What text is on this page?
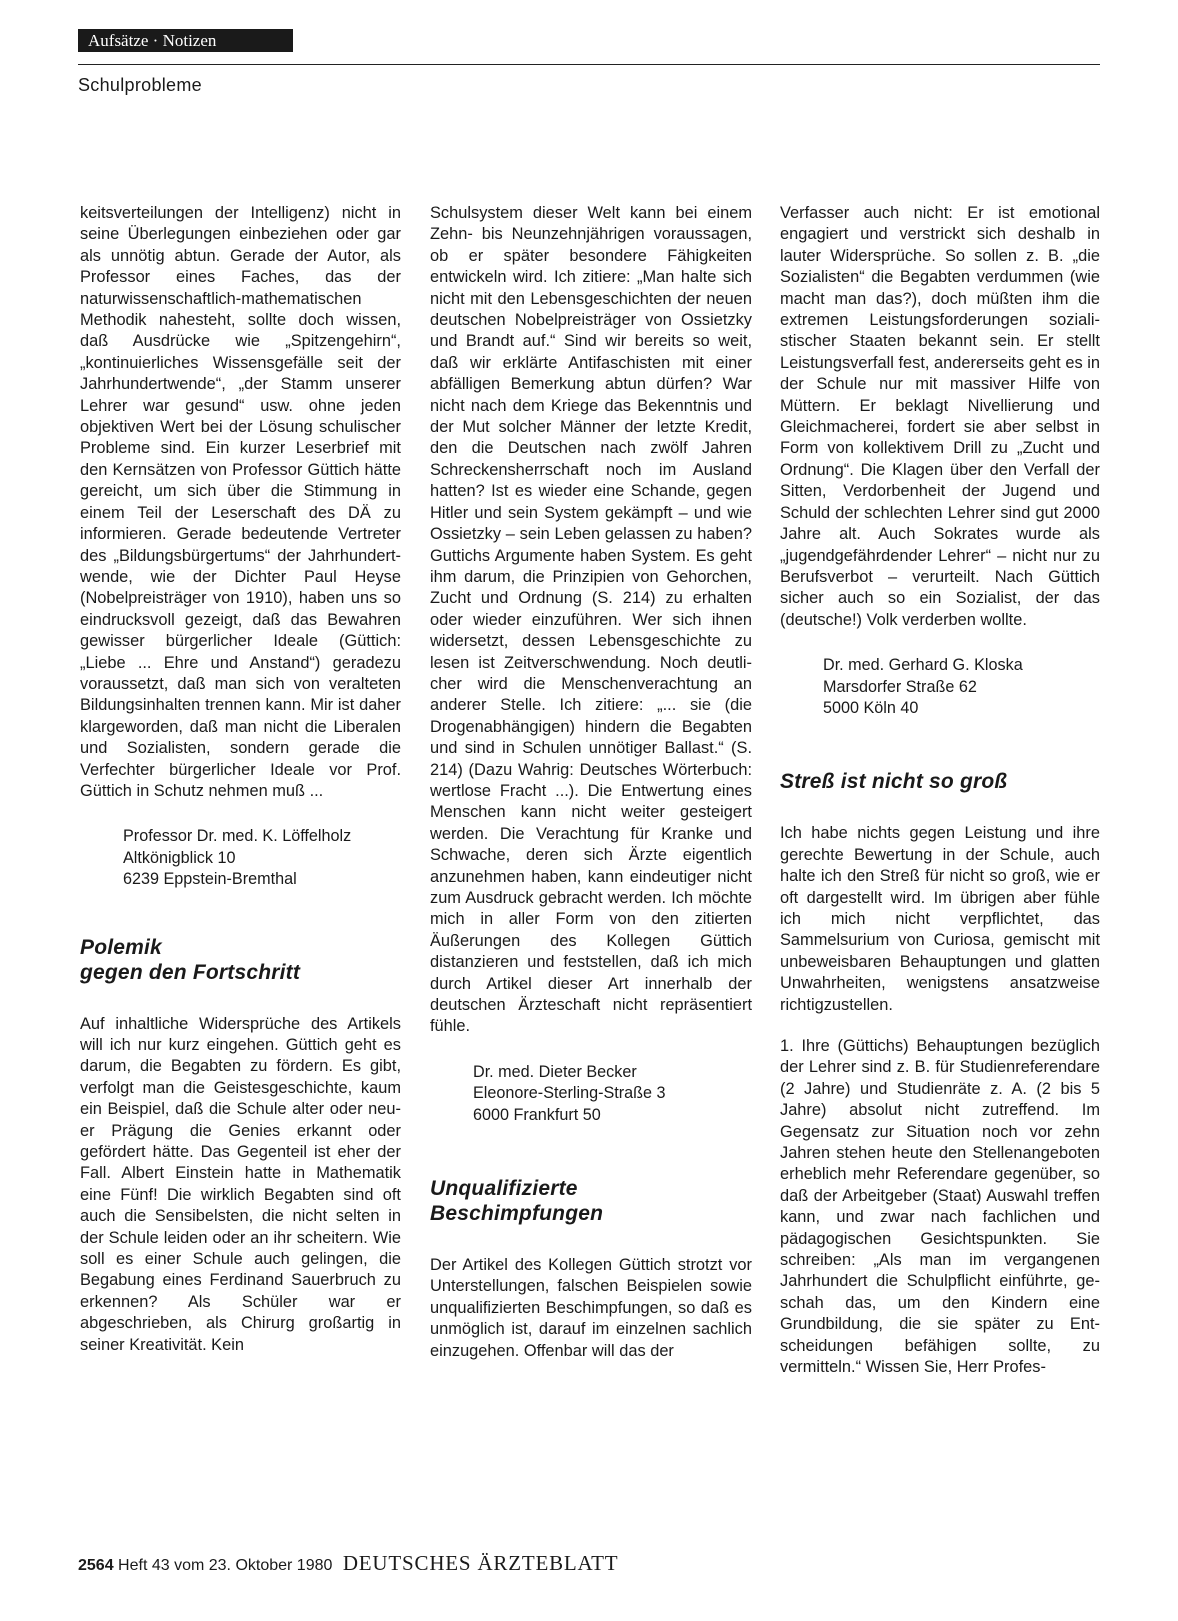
Aufsätze · Notizen
Schulprobleme

keitsverteilungen der Intelligenz) nicht in seine Überlegungen einbeziehen oder gar als unnötig abtun. Gerade der Autor, als Professor eines Faches, das der naturwissenschaftlich-mathematischen Methodik nahesteht, sollte doch wissen, daß Ausdrücke wie „Spitzengehirn“, „kontinuierliches Wissensgefälle seit der Jahrhundertwende“, „der Stamm unserer Lehrer war gesund“ usw. ohne jeden objektiven Wert bei der Lösung schulischer Probleme sind. Ein kurzer Leserbrief mit den Kernsätzen von Professor Güttich hätte gereicht, um sich über die Stimmung in einem Teil der Leserschaft des DÄ zu informieren. Gerade bedeutende Vertreter des „Bildungsbürgertums“ der Jahrhundertwende, wie der Dichter Paul Heyse (Nobelpreisträger von 1910), haben uns so eindrucksvoll gezeigt, daß das Bewahren gewisser bürgerlicher Ideale (Güttich: „Liebe ... Ehre und Anstand“) geradezu voraussetzt, daß man sich von veralteten Bildungsinhalten trennen kann. Mir ist daher klargeworden, daß man nicht die Liberalen und Sozialisten, sondern gerade die Verfechter bürgerlicher Ideale vor Prof. Güttich in Schutz nehmen muß ...

Professor Dr. med. K. Löffelholz
Altkönigblick 10
6239 Eppstein-Bremthal
Polemik
gegen den Fortschritt

Auf inhaltliche Widersprüche des Artikels will ich nur kurz eingehen. Güttich geht es darum, die Begabten zu fördern. Es gibt, verfolgt man die Geistesgeschichte, kaum ein Beispiel, daß die Schule alter oder neuer Prägung die Genies erkannt oder gefördert hätte. Das Gegenteil ist eher der Fall. Albert Einstein hatte in Mathematik eine Fünf! Die wirklich Begabten sind oft auch die Sensibelsten, die nicht selten in der Schule leiden oder an ihr scheitern. Wie soll es einer Schule auch gelingen, die Begabung eines Ferdinand Sauerbruch zu erkennen? Als Schüler war er abgeschrieben, als Chirurg großartig in seiner Kreativität. Kein

Schulsystem dieser Welt kann bei einem Zehn- bis Neunzehnjährigen voraussagen, ob er später besondere Fähigkeiten entwickeln wird. Ich zitiere: „Man halte sich nicht mit den Lebensgeschichten der neuen deutschen Nobelpreisträger von Ossietzky und Brandt auf.“ Sind wir bereits so weit, daß wir erklärte Antifaschisten mit einer abfälligen Bemerkung abtun dürfen? War nicht nach dem Kriege das Bekenntnis und der Mut solcher Männer der letzte Kredit, den die Deutschen nach zwölf Jahren Schreckensherrschaft noch im Ausland hatten? Ist es wieder eine Schande, gegen Hitler und sein System gekämpft – und wie Ossietzky – sein Leben gelassen zu haben? Guttichs Argumente haben System. Es geht ihm darum, die Prinzipien von Gehorchen, Zucht und Ordnung (S. 214) zu erhalten oder wieder einzuführen. Wer sich ihnen widersetzt, dessen Lebensgeschichte zu lesen ist Zeitverschwendung. Noch deutlicher wird die Menschenverachtung an anderer Stelle. Ich zitiere: „... sie (die Drogenabhängigen) hindern die Begabten und sind in Schulen unnötiger Ballast.“ (S. 214) (Dazu Wahrig: Deutsches Wörterbuch: wertlose Fracht ...). Die Entwertung eines Menschen kann nicht weiter gesteigert werden. Die Verachtung für Kranke und Schwache, deren sich Ärzte eigentlich anzunehmen haben, kann eindeutiger nicht zum Ausdruck gebracht werden. Ich möchte mich in aller Form von den zitierten Äußerungen des Kollegen Güttich distanzieren und feststellen, daß ich mich durch Artikel dieser Art innerhalb der deutschen Ärzteschaft nicht repräsentiert fühle.

Dr. med. Dieter Becker
Eleonore-Sterling-Straße 3
6000 Frankfurt 50
Unqualifizierte
Beschimpfungen

Der Artikel des Kollegen Güttich strotzt vor Unterstellungen, falschen Beispielen sowie unqualifizierten Beschimpfungen, so daß es unmöglich ist, darauf im einzelnen sachlich einzugehen. Offenbar will das der

Verfasser auch nicht: Er ist emotional engagiert und verstrickt sich deshalb in lauter Widersprüche. So sollen z. B. „die Sozialisten“ die Begabten verdummen (wie macht man das?), doch müßten ihm die extremen Leistungsforderungen sozialistischer Staaten bekannt sein. Er stellt Leistungsverfall fest, andererseits geht es in der Schule nur mit massiver Hilfe von Müttern. Er beklagt Nivellierung und Gleichmacherei, fordert sie aber selbst in Form von kollektivem Drill zu „Zucht und Ordnung“. Die Klagen über den Verfall der Sitten, Verdorbenheit der Jugend und Schuld der schlechten Lehrer sind gut 2000 Jahre alt. Auch Sokrates wurde als „jugendgefährdender Lehrer“ – nicht nur zu Berufsverbot – verurteilt. Nach Güttich sicher auch so ein Sozialist, der das (deutsche!) Volk verderben wollte.

Dr. med. Gerhard G. Kloska
Marsdorfer Straße 62
5000 Köln 40
Streß ist nicht so groß

Ich habe nichts gegen Leistung und ihre gerechte Bewertung in der Schule, auch halte ich den Streß für nicht so groß, wie er oft dargestellt wird. Im übrigen aber fühle ich mich nicht verpflichtet, das Sammelsurium von Curiosa, gemischt mit unbeweisbaren Behauptungen und glatten Unwahrheiten, wenigstens ansatzweise richtigzustellen.

1. Ihre (Güttichs) Behauptungen bezüglich der Lehrer sind z. B. für Studienreferendare (2 Jahre) und Studienräte z. A. (2 bis 5 Jahre) absolut nicht zutreffend. Im Gegensatz zur Situation noch vor zehn Jahren stehen heute den Stellenangeboten erheblich mehr Referendare gegenüber, so daß der Arbeitgeber (Staat) Auswahl treffen kann, und zwar nach fachlichen und pädagogischen Gesichtspunkten. Sie schreiben: „Als man im vergangenen Jahrhundert die Schulpflicht einführte, geschah das, um den Kindern eine Grundbildung, die sie später zu Entscheidungen befähigen sollte, zu vermitteln.“ Wissen Sie, Herr Profes-

2564 Heft 43 vom 23. Oktober 1980 DEUTSCHES ÄRZTEBLATT
